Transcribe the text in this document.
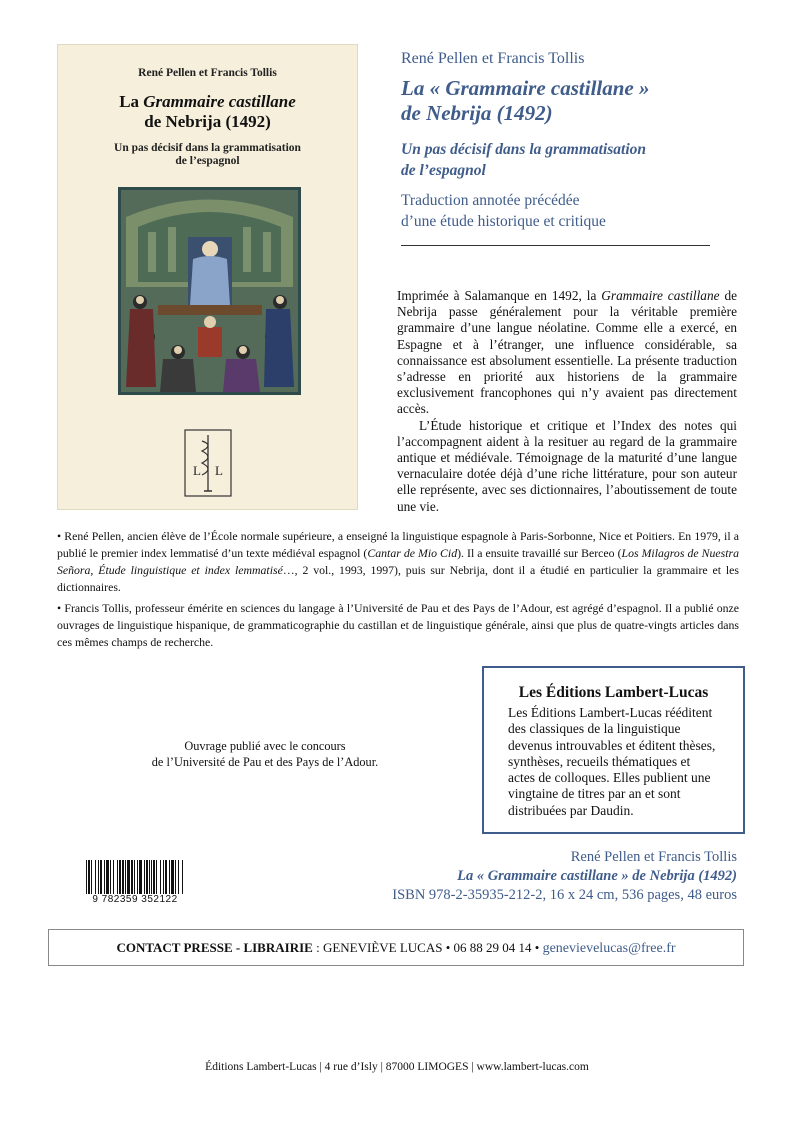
René Pellen et Francis Tollis
La Grammaire castillane
de Nebrija (1492)
Un pas décisif dans la grammatisation
de l’espagnol
L L
René Pellen et Francis Tollis
La « Grammaire castillane »
de Nebrija (1492)
Un pas décisif dans la grammatisation
de l’espagnol
Traduction annotée précédée
d’une étude historique et critique

Imprimée à Salamanque en 1492, la Grammaire castillane de Nebrija passe généralement pour la véritable première grammaire d’une langue néolatine. Comme elle a exercé, en Espagne et à l’étranger, une influence considérable, sa connaissance est absolument essentielle. La présente traduction s’adresse en priorité aux historiens de la grammaire exclusivement francophones qui n’y avaient pas directement accès.

L’Étude historique et critique et l’Index des notes qui l’accompagnent aident à la resituer au regard de la grammaire antique et médiévale. Témoignage de la maturité d’une langue vernaculaire dotée déjà d’une riche littérature, pour son auteur elle représente, avec ses dictionnaires, l’aboutissement de toute une vie.

• René Pellen, ancien élève de l’École normale supérieure, a enseigné la linguistique espagnole à Paris-Sorbonne, Nice et Poitiers. En 1979, il a publié le premier index lemmatisé d’un texte médiéval espagnol (Cantar de Mio Cid). Il a ensuite travaillé sur Berceo (Los Milagros de Nuestra Señora, Étude linguistique et index lemmatisé…, 2 vol., 1993, 1997), puis sur Nebrija, dont il a étudié en particulier la grammaire et les dictionnaires.
• Francis Tollis, professeur émérite en sciences du langage à l’Université de Pau et des Pays de l’Adour, est agrégé d’espagnol. Il a publié onze ouvrages de linguistique hispanique, de grammaticographie du castillan et de linguistique générale, ainsi que plus de quatre-vingts articles dans ces mêmes champs de recherche.
Ouvrage publié avec le concours
de l’Université de Pau et des Pays de l’Adour.
Les Éditions Lambert-Lucas
Les Éditions Lambert-Lucas rééditent des classiques de la linguistique devenus introuvables et éditent thèses, synthèses, recueils thématiques et actes de colloques. Elles publient une vingtaine de titres par an et sont distribuées par Daudin.
9 782359 352122
René Pellen et Francis Tollis
La « Grammaire castillane » de Nebrija (1492)
ISBN 978-2-35935-212-2, 16 x 24 cm, 536 pages, 48 euros
CONTACT PRESSE - LIBRAIRIE : GENEVIÈVE LUCAS • 06 88 29 04 14 • genevievelucas@free.fr
Éditions Lambert-Lucas | 4 rue d’Isly | 87000 LIMOGES | www.lambert-lucas.com
